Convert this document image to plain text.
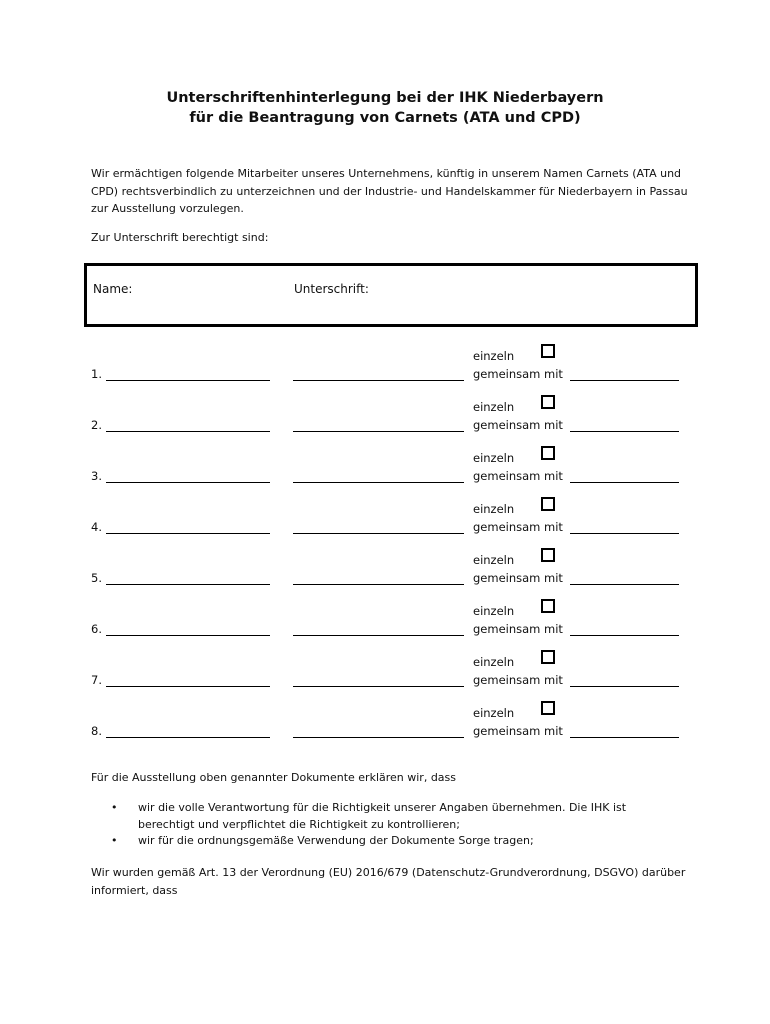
Unterschriftenhinterlegung bei der IHK Niederbayern
für die Beantragung von Carnets (ATA und CPD)
Wir ermächtigen folgende Mitarbeiter unseres Unternehmens, künftig in unserem Namen Carnets (ATA und CPD) rechtsverbindlich zu unterzeichnen und der Industrie- und Handelskammer für Niederbayern in Passau zur Ausstellung vorzulegen.
Zur Unterschrift berechtigt sind:
Name:	Unterschrift:
1.
einzeln
gemeinsam mit
2.
einzeln
gemeinsam mit
3.
einzeln
gemeinsam mit
4.
einzeln
gemeinsam mit
5.
einzeln
gemeinsam mit
6.
einzeln
gemeinsam mit
7.
einzeln
gemeinsam mit
8.
einzeln
gemeinsam mit
Für die Ausstellung oben genannter Dokumente erklären wir, dass
• wir die volle Verantwortung für die Richtigkeit unserer Angaben übernehmen. Die IHK ist berechtigt und verpflichtet die Richtigkeit zu kontrollieren;
• wir für die ordnungsgemäße Verwendung der Dokumente Sorge tragen;
Wir wurden gemäß Art. 13 der Verordnung (EU) 2016/679 (Datenschutz-Grundverordnung, DSGVO) darüber informiert, dass
